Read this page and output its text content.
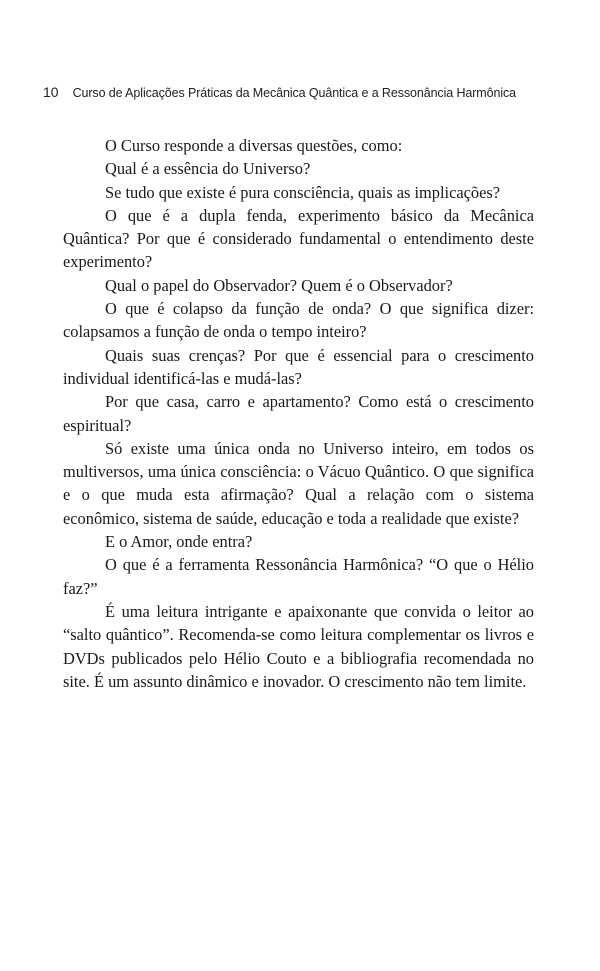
10 Curso de Aplicações Práticas da Mecânica Quântica e a Ressonância Harmônica

O Curso responde a diversas questões, como:

Qual é a essência do Universo?

Se tudo que existe é pura consciência, quais as implicações?

O que é a dupla fenda, experimento básico da Mecânica Quântica? Por que é considerado fundamental o entendimento deste experimento?

Qual o papel do Observador? Quem é o Observador?

O que é colapso da função de onda? O que significa dizer: colapsamos a função de onda o tempo inteiro?

Quais suas crenças? Por que é essencial para o crescimento individual identificá-las e mudá-las?

Por que casa, carro e apartamento? Como está o crescimento espiritual?

Só existe uma única onda no Universo inteiro, em todos os multiversos, uma única consciência: o Vácuo Quântico. O que significa e o que muda esta afirmação? Qual a relação com o sistema econômico, sistema de saúde, educação e toda a realidade que existe?

E o Amor, onde entra?

O que é a ferramenta Ressonância Harmônica? “O que o Hélio faz?”

É uma leitura intrigante e apaixonante que convida o leitor ao “salto quântico”. Recomenda-se como leitura complementar os livros e DVDs publicados pelo Hélio Couto e a bibliografia recomendada no site. É um assunto dinâmico e inovador. O crescimento não tem limite.
